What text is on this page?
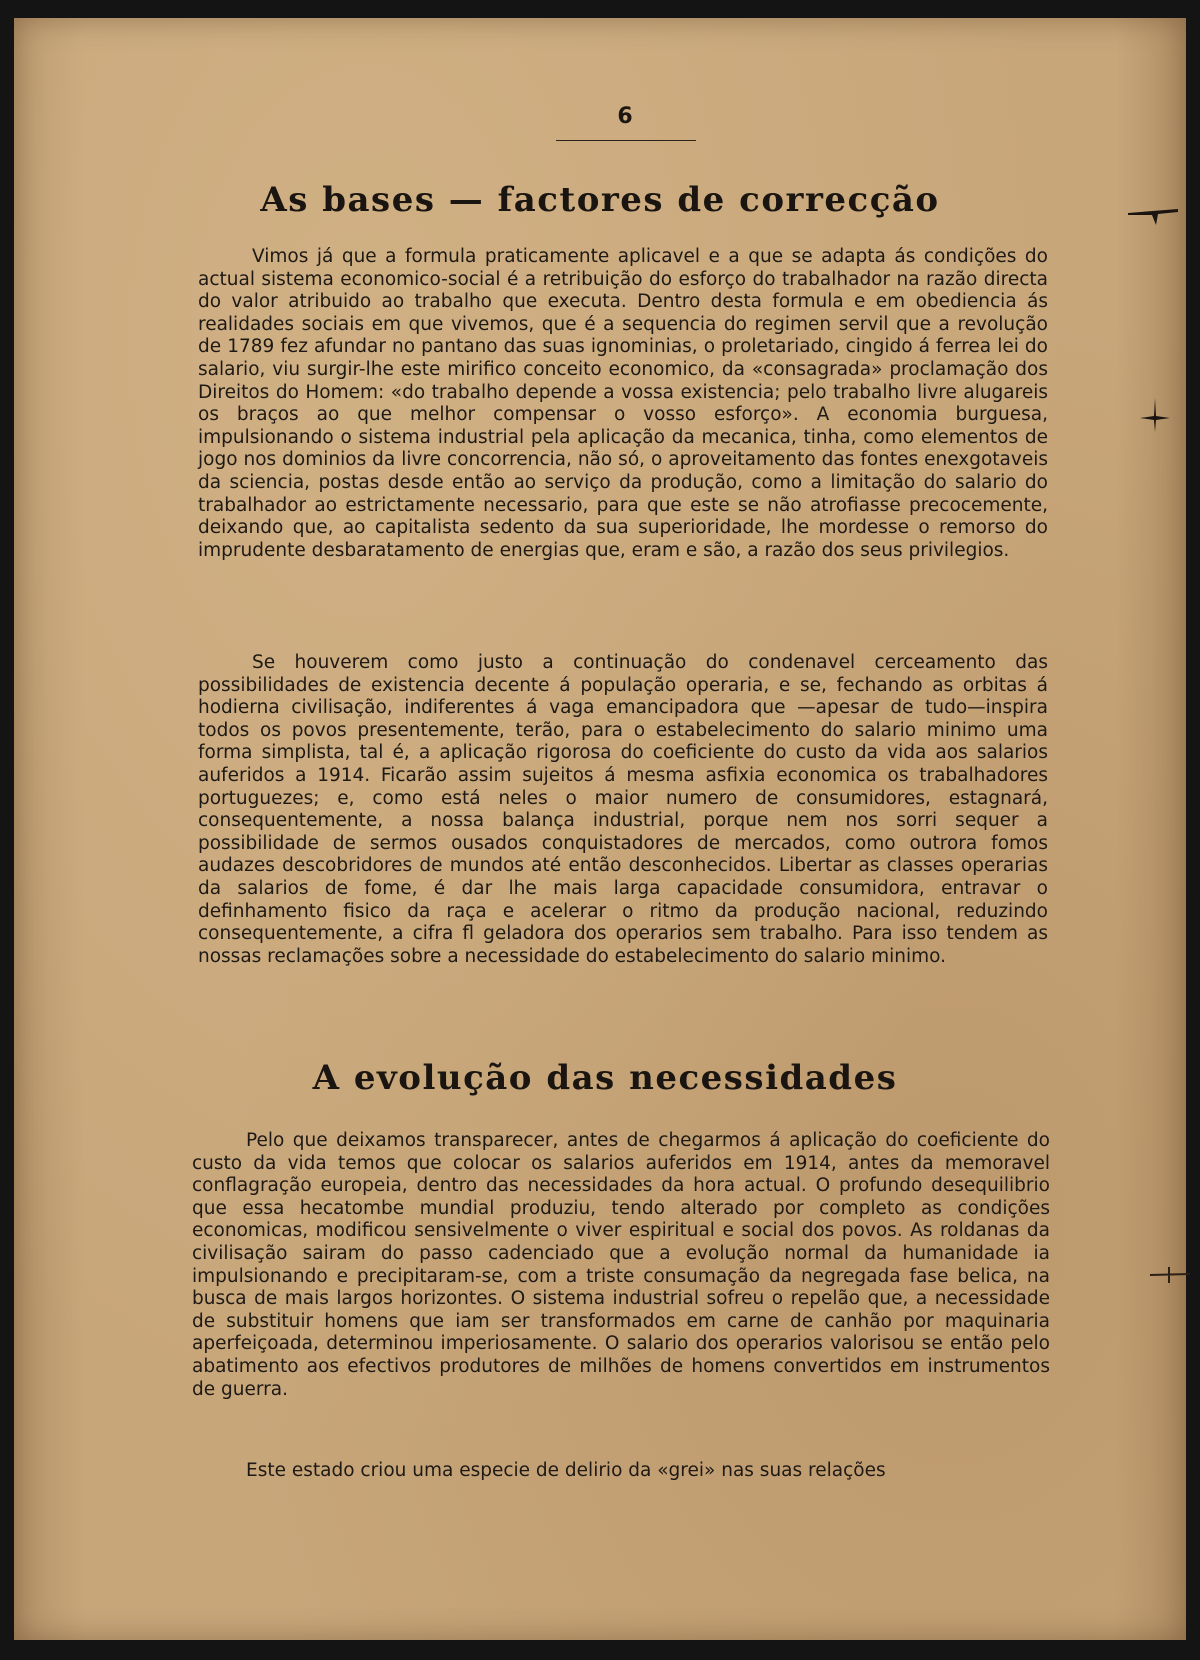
6
As bases — factores de correcção

Vimos já que a formula praticamente aplicavel e a que se adapta ás condições do actual sistema economico-social é a retribuição do esforço do trabalhador na razão directa do valor atribuido ao trabalho que executa. Dentro desta formula e em obediencia ás realidades sociais em que vivemos, que é a sequencia do regimen servil que a revolução de 1789 fez afundar no pantano das suas ignominias, o proletariado, cingido á ferrea lei do salario, viu surgir-lhe este mirifico conceito economico, da «consagrada» proclamação dos Direitos do Homem: «do trabalho depende a vossa existencia; pelo trabalho livre alugareis os braços ao que melhor compensar o vosso esforço». A economia burguesa, impulsionando o sistema industrial pela aplicação da mecanica, tinha, como elementos de jogo nos dominios da livre concorrencia, não só, o aproveitamento das fontes enexgotaveis da sciencia, postas desde então ao serviço da produção, como a limitação do salario do trabalhador ao estrictamente necessario, para que este se não atrofiasse precocemente, deixando que, ao capitalista sedento da sua superioridade, lhe mordesse o remorso do imprudente desbaratamento de energias que, eram e são, a razão dos seus privilegios.

Se houverem como justo a continuação do condenavel cerceamento das possibilidades de existencia decente á população operaria, e se, fechando as orbitas á hodierna civilisação, indiferentes á vaga emancipadora que —apesar de tudo—inspira todos os povos presentemente, terão, para o estabelecimento do salario minimo uma forma simplista, tal é, a aplicação rigorosa do coeficiente do custo da vida aos salarios auferidos a 1914. Ficarão assim sujeitos á mesma asfixia economica os trabalhadores portuguezes; e, como está neles o maior numero de consumidores, estagnará, consequentemente, a nossa balança industrial, porque nem nos sorri sequer a possibilidade de sermos ousados conquistadores de mercados, como outrora fomos audazes descobridores de mundos até então desconhecidos. Libertar as classes operarias da salarios de fome, é dar lhe mais larga capacidade consumidora, entravar o definhamento fisico da raça e acelerar o ritmo da produção nacional, reduzindo consequentemente, a cifra fl geladora dos operarios sem trabalho. Para isso tendem as nossas reclamações sobre a necessidade do estabelecimento do salario minimo.

A evolução das necessidades

Pelo que deixamos transparecer, antes de chegarmos á aplicação do coeficiente do custo da vida temos que colocar os salarios auferidos em 1914, antes da memoravel conflagração europeia, dentro das necessidades da hora actual. O profundo desequilibrio que essa hecatombe mundial produziu, tendo alterado por completo as condições economicas, modificou sensivelmente o viver espiritual e social dos povos. As roldanas da civilisação sairam do passo cadenciado que a evolução normal da humanidade ia impulsionando e precipitaram-se, com a triste consumação da negregada fase belica, na busca de mais largos horizontes. O sistema industrial sofreu o repelão que, a necessidade de substituir homens que iam ser transformados em carne de canhão por maquinaria aperfeiçoada, determinou imperiosamente. O salario dos operarios valorisou se então pelo abatimento aos efectivos produtores de milhões de homens convertidos em instrumentos de guerra.

Este estado criou uma especie de delirio da «grei» nas suas relações
